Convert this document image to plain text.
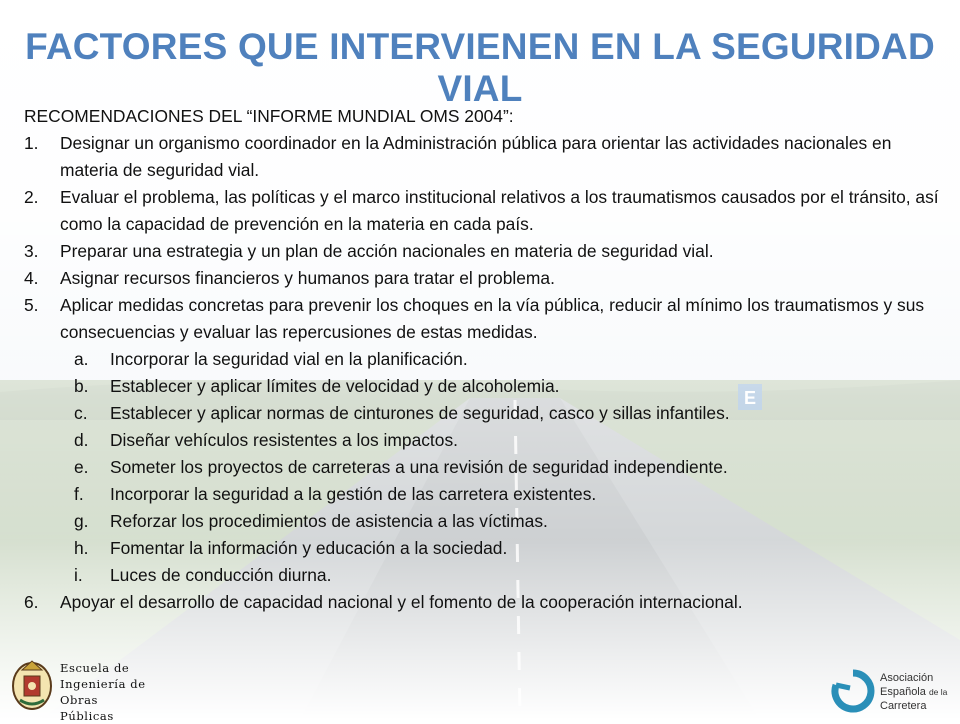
FACTORES QUE INTERVIENEN EN LA SEGURIDAD VIAL

RECOMENDACIONES DEL “INFORME MUNDIAL OMS 2004”:

1. Designar un organismo coordinador en la Administración pública para orientar las actividades nacionales en materia de seguridad vial.
2. Evaluar el problema, las políticas y el marco institucional relativos a los traumatismos causados por el tránsito, así como la capacidad de prevención en la materia en cada país.
3. Preparar una estrategia y un plan de acción nacionales en materia de seguridad vial.
4. Asignar recursos financieros y humanos para tratar el problema.
5. Aplicar medidas concretas para prevenir los choques en la vía pública, reducir al mínimo los traumatismos y sus consecuencias y evaluar las repercusiones de estas medidas.
a. Incorporar la seguridad vial en la planificación.
b. Establecer y aplicar límites de velocidad y de alcoholemia.
c. Establecer y aplicar normas de cinturones de seguridad, casco y sillas infantiles.
d. Diseñar vehículos resistentes a los impactos.
e. Someter los proyectos de carreteras a una revisión de seguridad independiente.
f. Incorporar la seguridad a la gestión de las carretera existentes.
g. Reforzar los procedimientos de asistencia a las víctimas.
h. Fomentar la información y educación a la sociedad.
i. Luces de conducción diurna.
6. Apoyar el desarrollo de capacidad nacional y el fomento de la cooperación internacional.
Escuela de
Ingeniería de
Obras Públicas
Asociación
Española de la
Carretera
